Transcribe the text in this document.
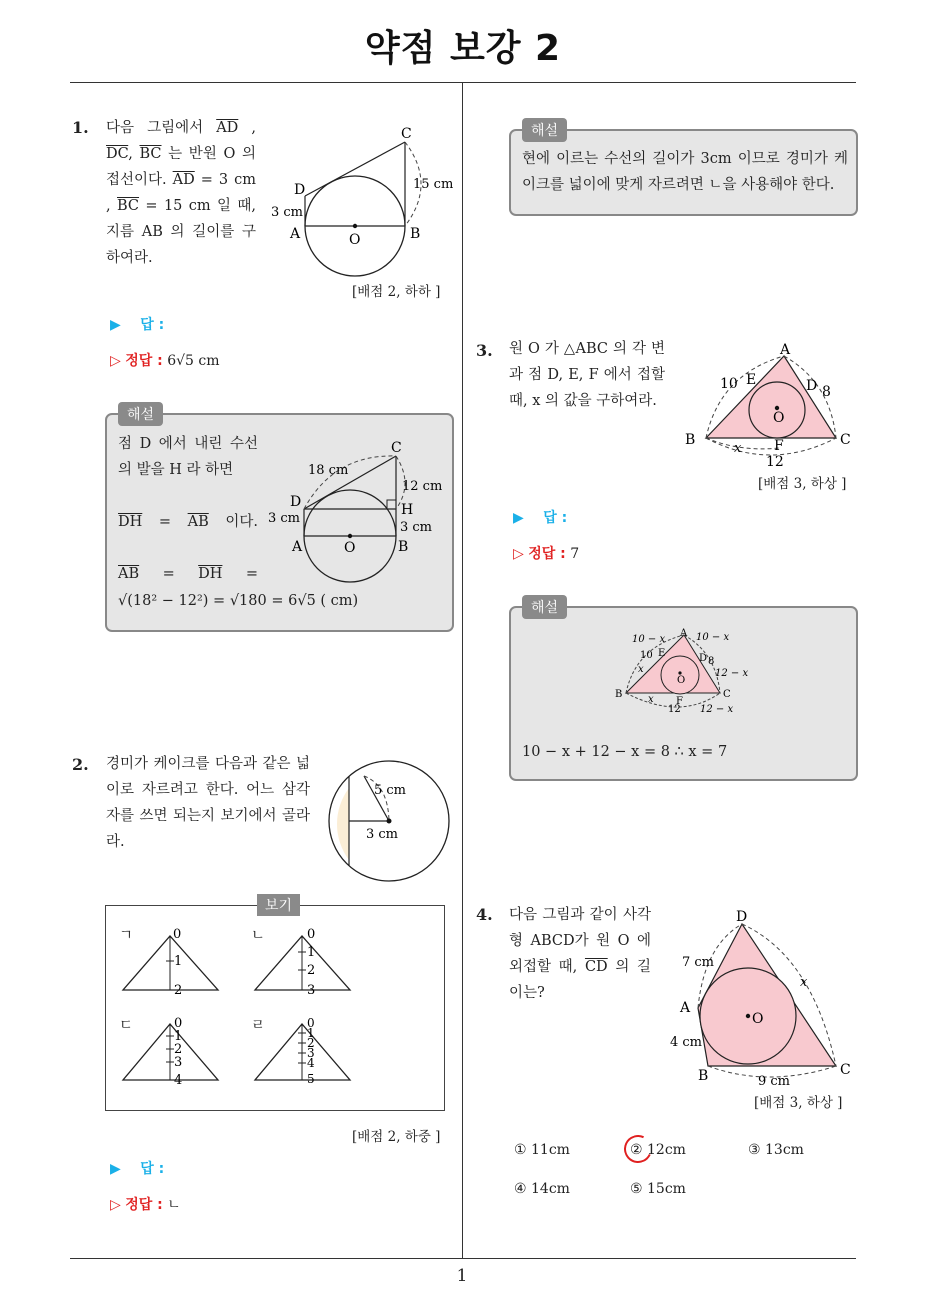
약점 보강 2
1
1. 다음 그림에서 $\overline{AD}$ , $\overline{DC}$, $\overline{BC}$ 는 반원 O 의 접선이다. $\overline{AD} = 3$ cm , $\overline{BC} = 15$ cm 일 때, 지름 AB 의 길이를 구하여라.
C
D
A	B
O
15 cm
3 cm
[배점 2, 하하 ]
▶ 답 :
▷ 정답 : 6√5 cm
해설
점 D 에서 내린 수선의 발을 H 라 하면
$\overline{DH} = \overline{AB}$ 이다.
$\overline{AB} = \overline{DH}$ =
√(18² − 12²) = √180 = 6√5 ( cm)
C
D	H
A	B
O
18 cm
12 cm
3 cm
3 cm
2. 경미가 케이크를 다음과 같은 넓이로 자르려고 한다. 어느 삼각자를 쓰면 되는지 보기에서 골라라.
5 cm
3 cm
보기
ㄱ	0
1
2
ㄴ	0
1
2
3
ㄷ	0
1
2
3
4
ㄹ	0
1
2
3
4
5
[배점 2, 하중 ]
▶ 답 :
▷ 정답 : ㄴ
해설
현에 이르는 수선의 길이가 3cm 이므로 경미가 케이크를 넓이에 맞게 자르려면 ㄴ을 사용해야 한다.
3. 원 O 가 △ABC 의 각 변과 점 D, E, F 에서 접할 때, x 의 값을 구하여라.
A
B	C
D
E
F
O
10	8
x
12
[배점 3, 하상 ]
▶ 답 :
▷ 정답 : 7
해설
10 − x	10 − x
10
8
x
x
12 − x
12 12 − x
A
B	C
D
E
F
O
10 − x + 12 − x = 8 ∴ x = 7
4. 다음 그림과 같이 사각형 ABCD가 원 O 에 외접할 때, $\overline{CD}$ 의 길이는?
D
A
B	C
O
7 cm
4 cm
9 cm
x
[배점 3, 하상 ]
① 11cm	② 12cm	③ 13cm
④ 14cm	⑤ 15cm
